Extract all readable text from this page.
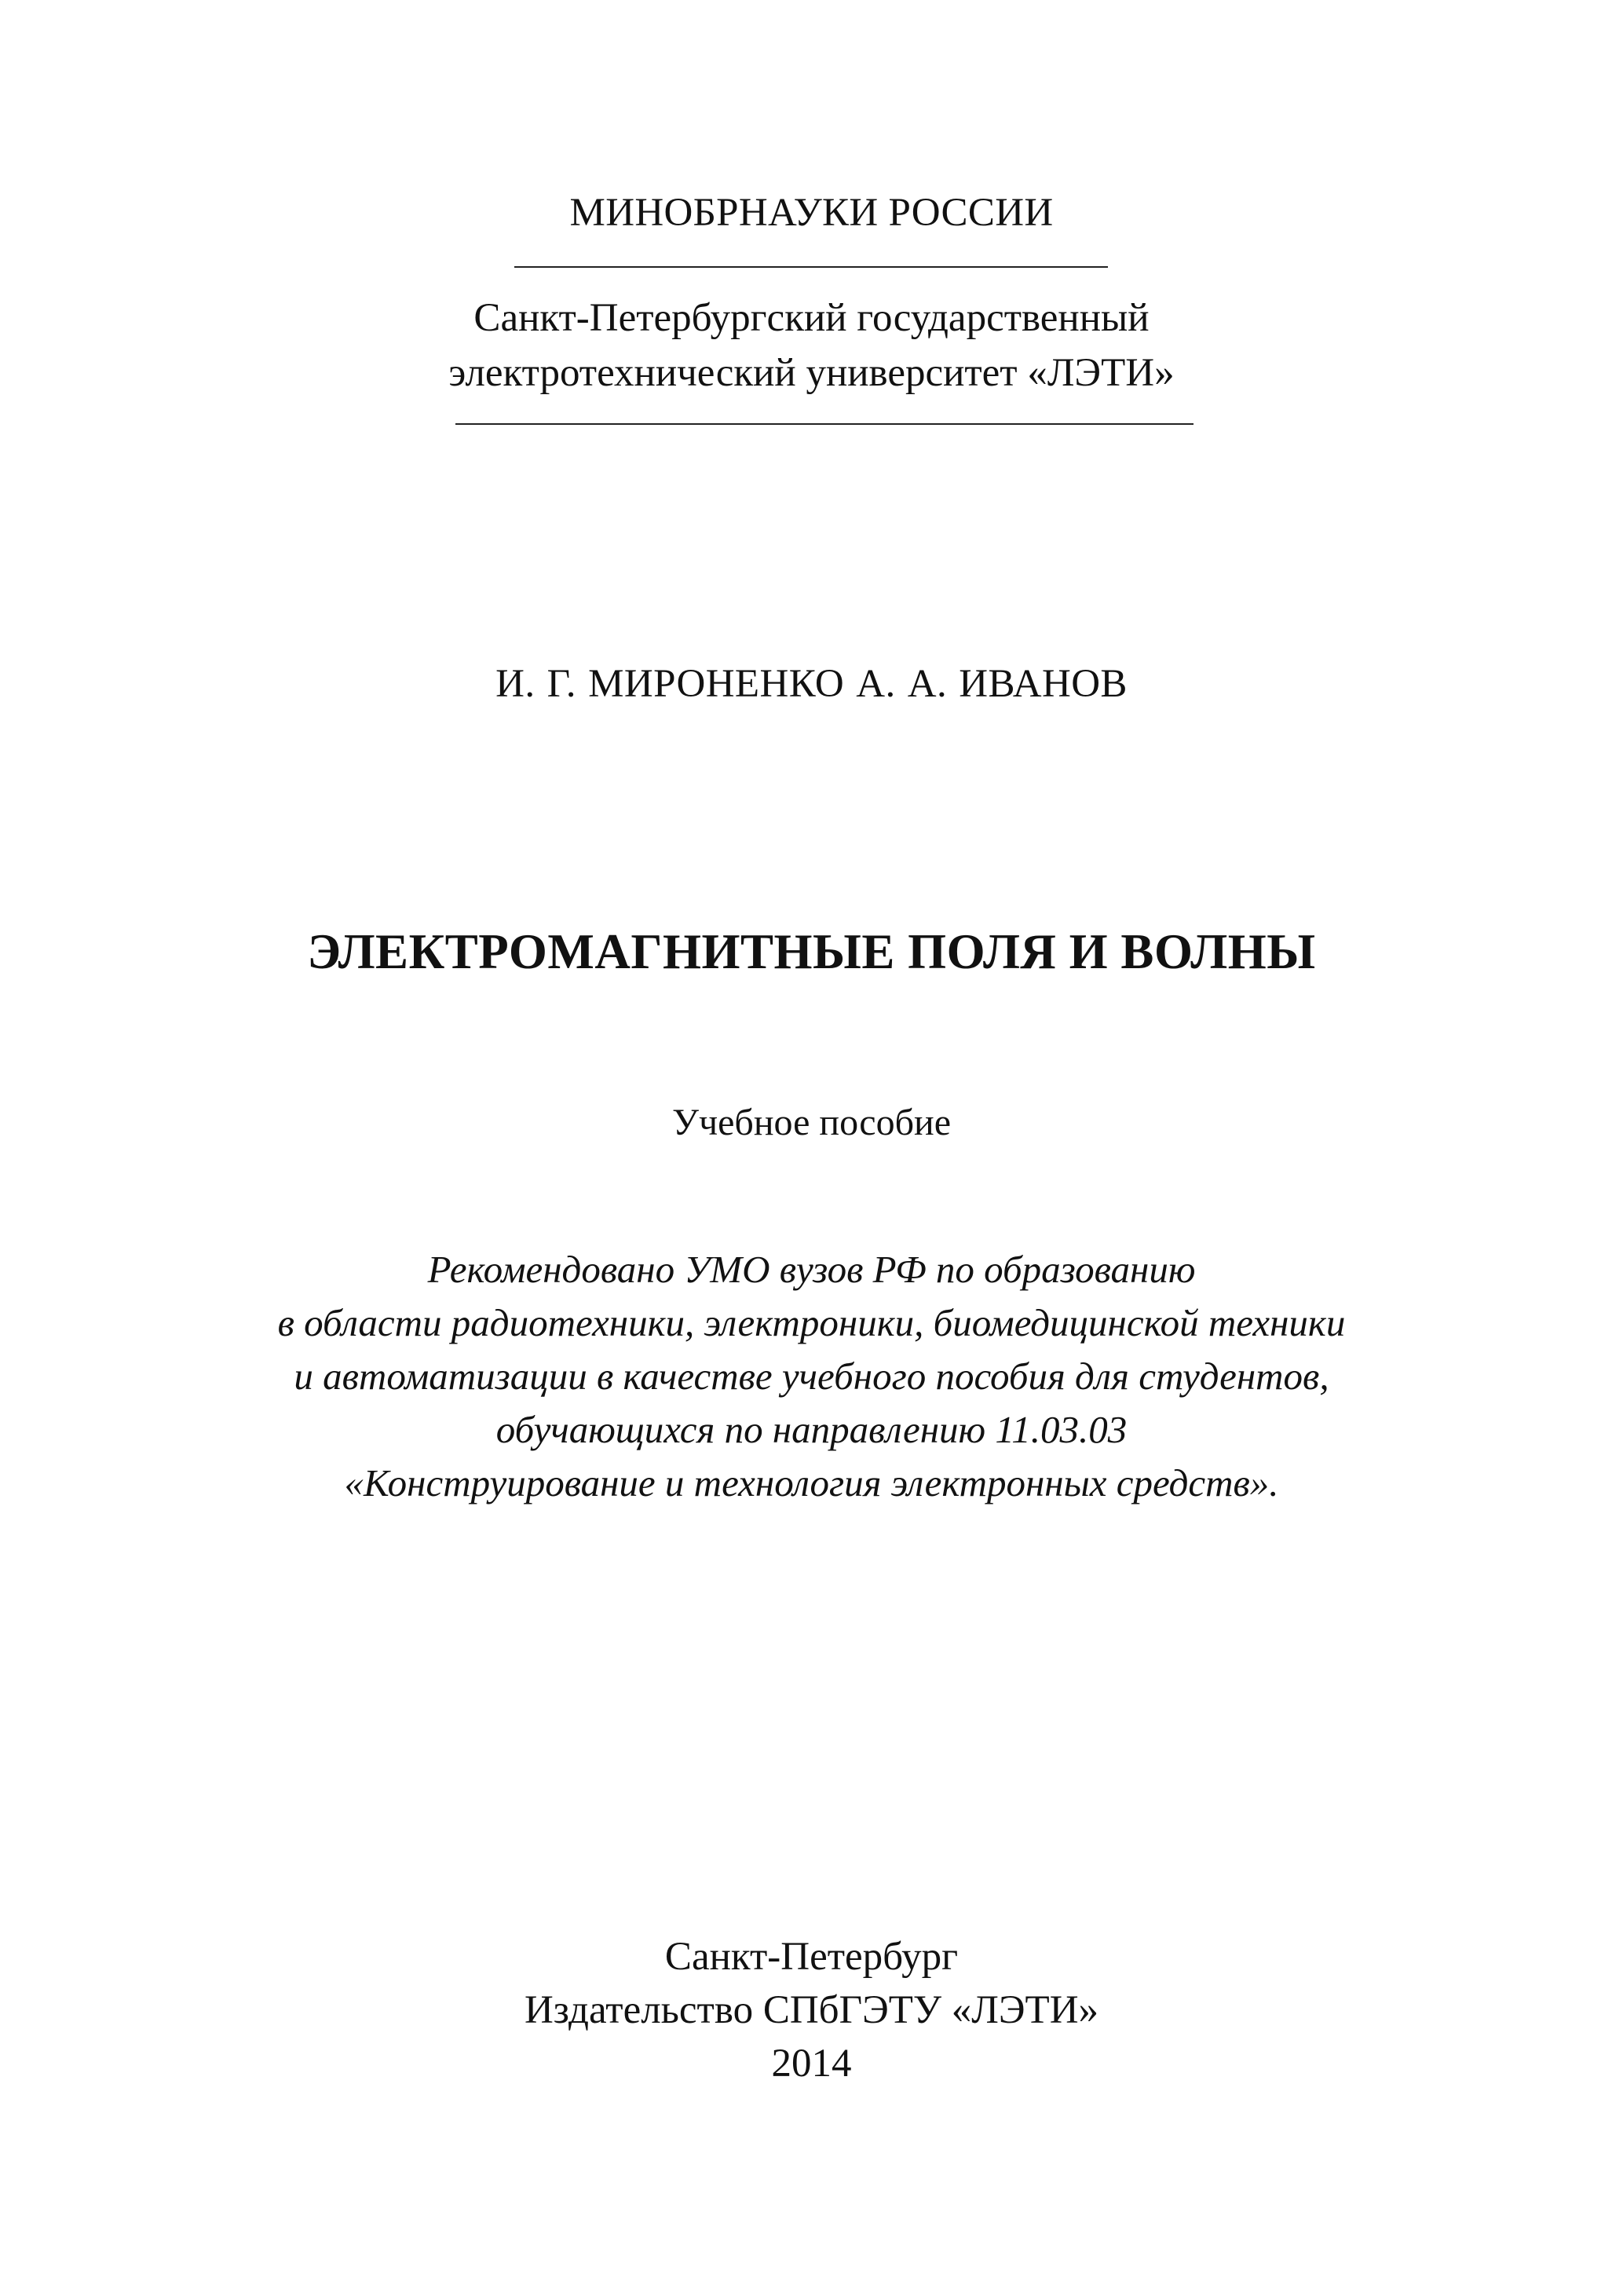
МИНОБРНАУКИ РОССИИ
Санкт-Петербургский государственный
электротехнический университет «ЛЭТИ»
И. Г. МИРОНЕНКО А. А. ИВАНОВ
ЭЛЕКТРОМАГНИТНЫЕ ПОЛЯ И ВОЛНЫ
Учебное пособие
Рекомендовано УМО вузов РФ по образованию
в области радиотехники, электроники, биомедицинской техники
и автоматизации в качестве учебного пособия для студентов,
обучающихся по направлению 11.03.03
«Конструирование и технология электронных средств».
Санкт-Петербург
Издательство СПбГЭТУ «ЛЭТИ»
2014
